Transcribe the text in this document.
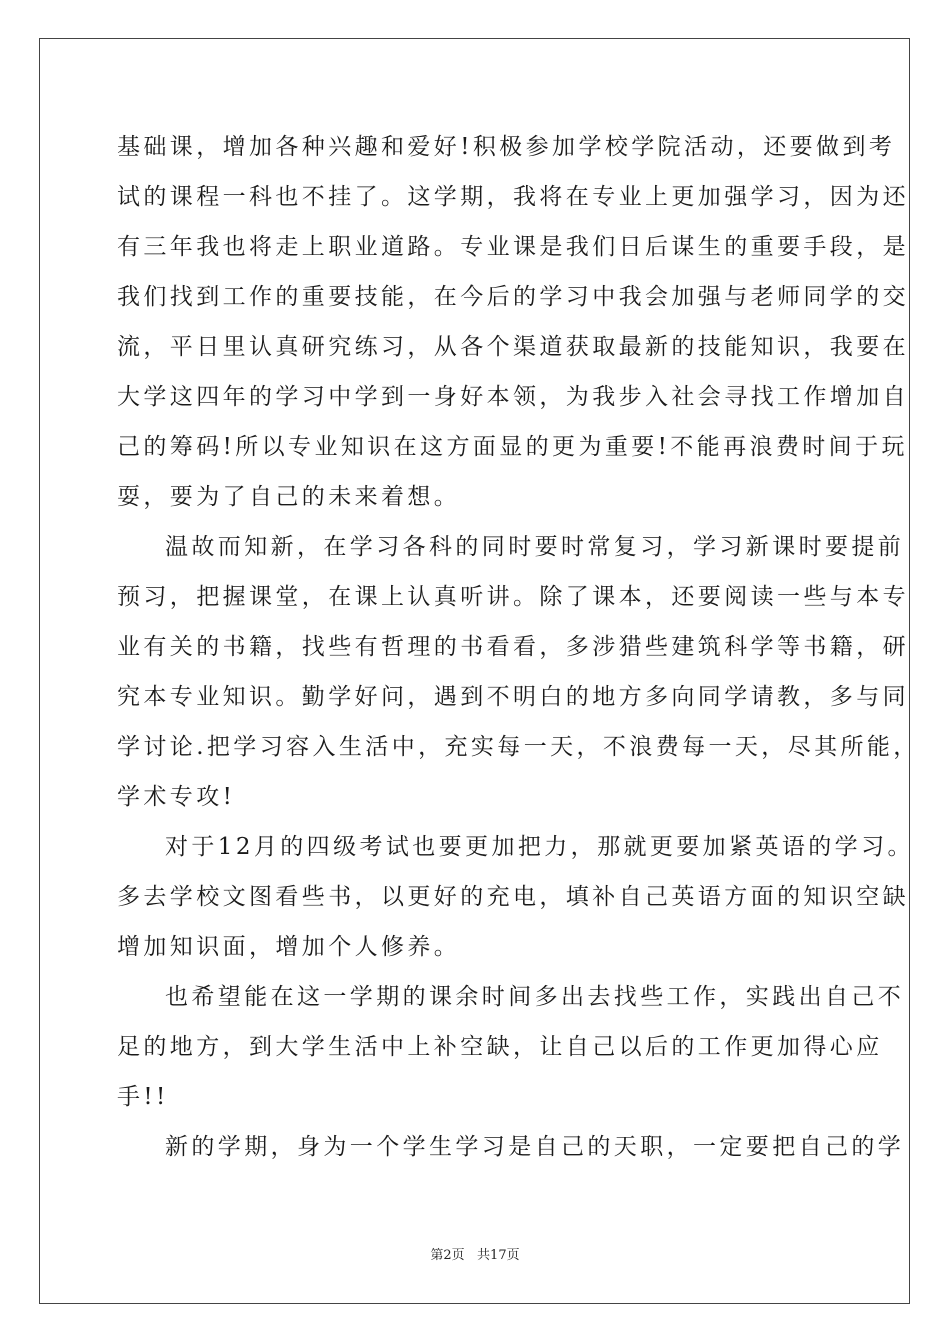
基础课，增加各种兴趣和爱好!积极参加学校学院活动，还要做到考
试的课程一科也不挂了。这学期，我将在专业上更加强学习，因为还
有三年我也将走上职业道路。专业课是我们日后谋生的重要手段，是
我们找到工作的重要技能，在今后的学习中我会加强与老师同学的交
流，平日里认真研究练习，从各个渠道获取最新的技能知识，我要在
大学这四年的学习中学到一身好本领，为我步入社会寻找工作增加自
己的筹码!所以专业知识在这方面显的更为重要!不能再浪费时间于玩
耍，要为了自己的未来着想。
温故而知新，在学习各科的同时要时常复习，学习新课时要提前
预习，把握课堂，在课上认真听讲。除了课本，还要阅读一些与本专
业有关的书籍，找些有哲理的书看看，多涉猎些建筑科学等书籍，研
究本专业知识。勤学好问，遇到不明白的地方多向同学请教，多与同
学讨论.把学习容入生活中，充实每一天，不浪费每一天，尽其所能，
学术专攻!
对于12月的四级考试也要更加把力，那就更要加紧英语的学习。
多去学校文图看些书，以更好的充电，填补自己英语方面的知识空缺
增加知识面，增加个人修养。
也希望能在这一学期的课余时间多出去找些工作，实践出自己不
足的地方，到大学生活中上补空缺，让自己以后的工作更加得心应
手!!
新的学期，身为一个学生学习是自己的天职，一定要把自己的学
第2页   共17页
